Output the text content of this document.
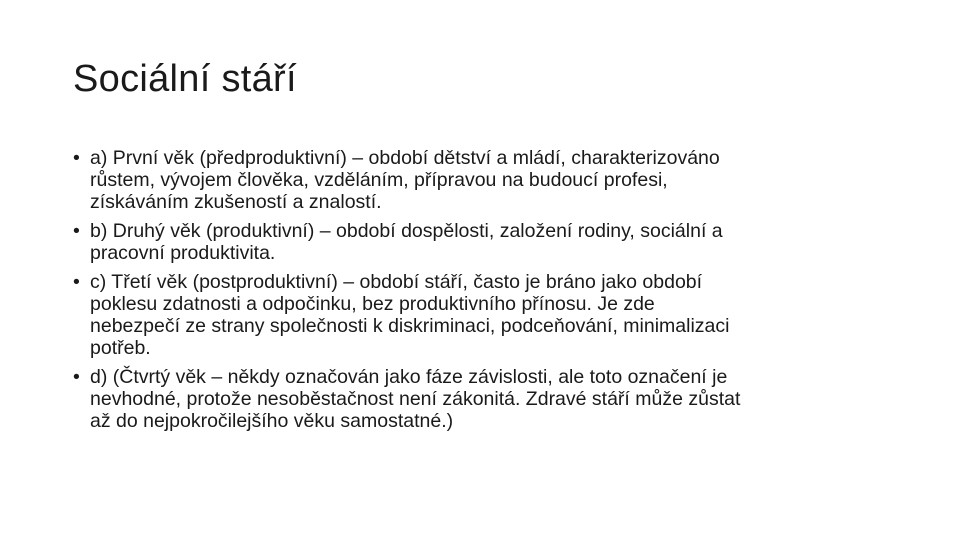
Sociální stáří
• a) První věk (předproduktivní) – období dětství a mládí, charakterizováno
růstem, vývojem člověka, vzděláním, přípravou na budoucí profesi,
získáváním zkušeností a znalostí.
• b) Druhý věk (produktivní) – období dospělosti, založení rodiny, sociální a
pracovní produktivita.
• c) Třetí věk (postproduktivní) – období stáří, často je bráno jako období
poklesu zdatnosti a odpočinku, bez produktivního přínosu. Je zde
nebezpečí ze strany společnosti k diskriminaci, podceňování, minimalizaci
potřeb.
• d) (Čtvrtý věk – někdy označován jako fáze závislosti, ale toto označení je
nevhodné, protože nesoběstačnost není zákonitá. Zdravé stáří může zůstat
až do nejpokročilejšího věku samostatné.)
